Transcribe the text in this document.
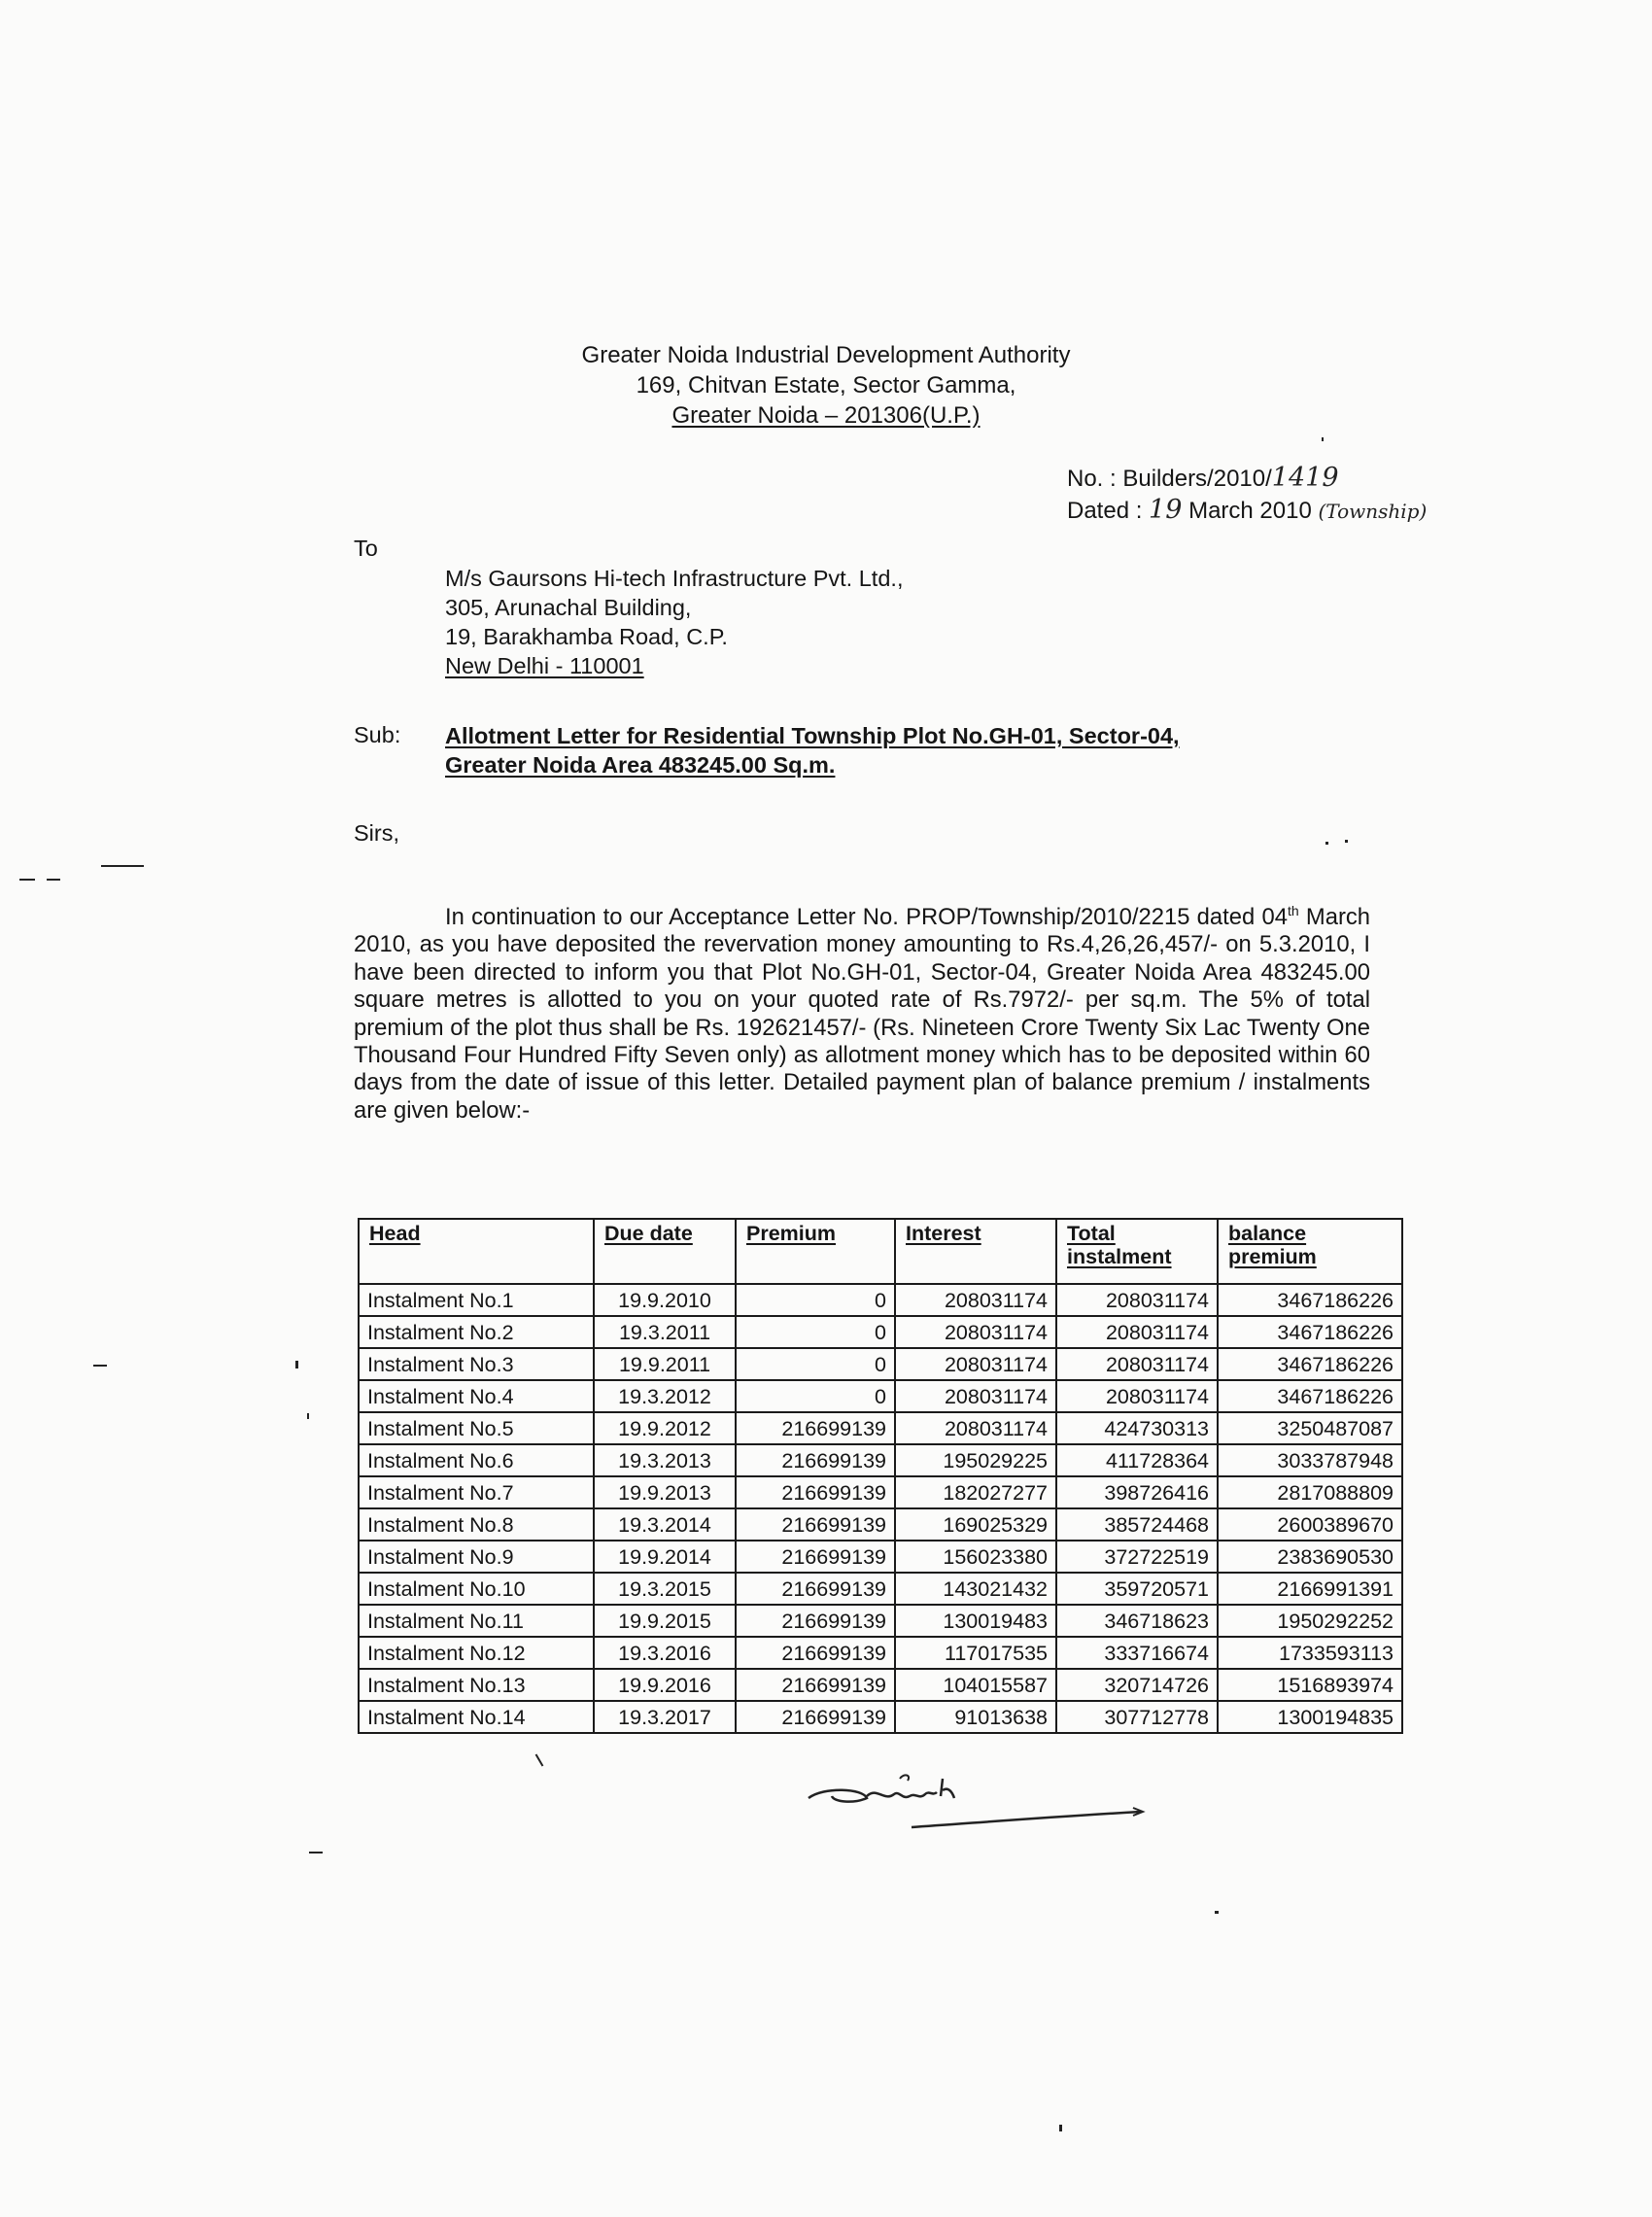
Greater Noida Industrial Development Authority
169, Chitvan Estate, Sector Gamma,
Greater Noida – 201306(U.P.)
No. : Builders/2010/1419
Dated : 19 March 2010 (Township)
To
M/s Gaursons Hi-tech Infrastructure Pvt. Ltd.,
305, Arunachal Building,
19, Barakhamba Road, C.P.
New Delhi - 110001
Sub: Allotment Letter for Residential Township Plot No.GH-01, Sector-04,
Greater Noida Area 483245.00 Sq.m.
Sirs,
In continuation to our Acceptance Letter No. PROP/Township/2010/2215 dated 04th March 2010, as you have deposited the revervation money amounting to Rs.4,26,26,457/- on 5.3.2010, I have been directed to inform you that Plot No.GH-01, Sector-04, Greater Noida Area 483245.00 square metres is allotted to you on your quoted rate of Rs.7972/- per sq.m. The 5% of total premium of the plot thus shall be Rs. 192621457/- (Rs. Nineteen Crore Twenty Six Lac Twenty One Thousand Four Hundred Fifty Seven only) as allotment money which has to be deposited within 60 days from the date of issue of this letter. Detailed payment plan of balance premium / instalments are given below:-
Head	Due date	Premium	Interest	Total instalment	balance premium
Instalment No.1	19.9.2010	0	208031174	208031174	3467186226
Instalment No.2	19.3.2011	0	208031174	208031174	3467186226
Instalment No.3	19.9.2011	0	208031174	208031174	3467186226
Instalment No.4	19.3.2012	0	208031174	208031174	3467186226
Instalment No.5	19.9.2012	216699139	208031174	424730313	3250487087
Instalment No.6	19.3.2013	216699139	195029225	411728364	3033787948
Instalment No.7	19.9.2013	216699139	182027277	398726416	2817088809
Instalment No.8	19.3.2014	216699139	169025329	385724468	2600389670
Instalment No.9	19.9.2014	216699139	156023380	372722519	2383690530
Instalment No.10	19.3.2015	216699139	143021432	359720571	2166991391
Instalment No.11	19.9.2015	216699139	130019483	346718623	1950292252
Instalment No.12	19.3.2016	216699139	117017535	333716674	1733593113
Instalment No.13	19.9.2016	216699139	104015587	320714726	1516893974
Instalment No.14	19.3.2017	216699139	91013638	307712778	1300194835
